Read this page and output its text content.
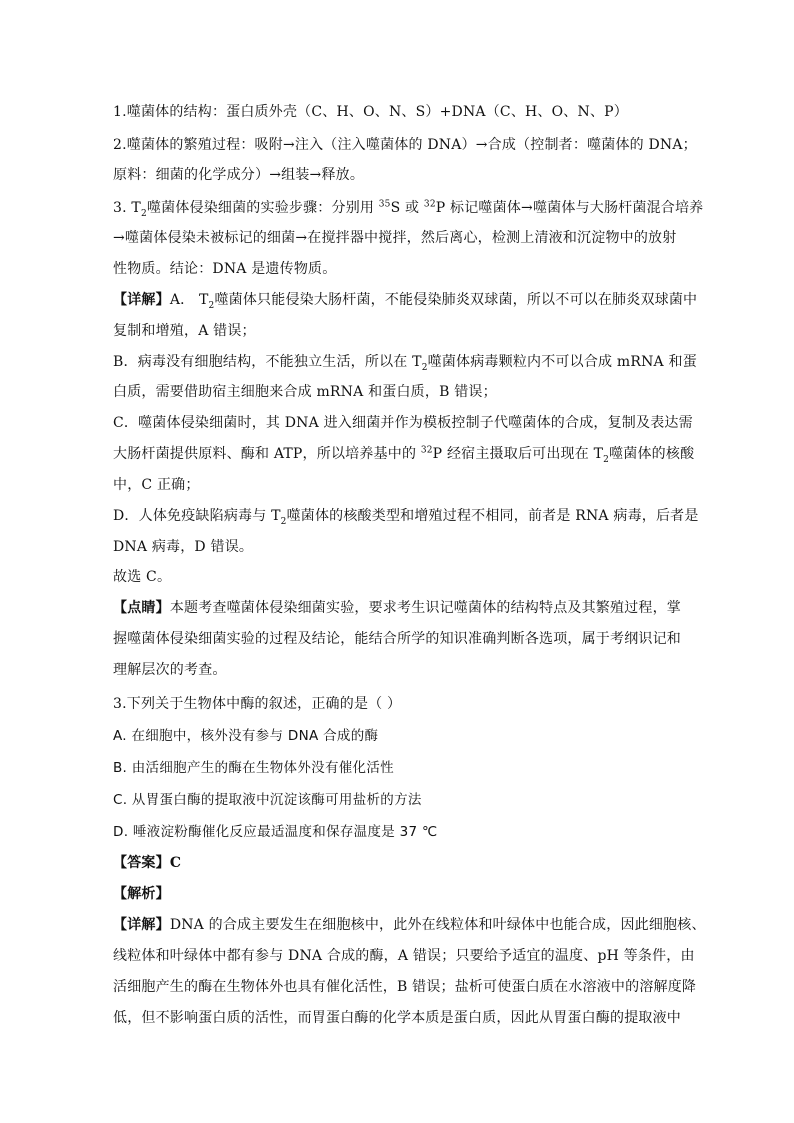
1.噬菌体的结构：蛋白质外壳（C、H、O、N、S）+DNA（C、H、O、N、P）
2.噬菌体的繁殖过程：吸附→注入（注入噬菌体的 DNA）→合成（控制者：噬菌体的 DNA；
原料：细菌的化学成分）→组装→释放。
3. $T_2$噬菌体侵染细菌的实验步骤：分别用 $^{35}$S 或 $^{32}$P 标记噬菌体→噬菌体与大肠杆菌混合培养
→噬菌体侵染未被标记的细菌→在搅拌器中搅拌，然后离心，检测上清液和沉淀物中的放射
性物质。结论：DNA 是遗传物质。
【详解】A． $T_2$噬菌体只能侵染大肠杆菌，不能侵染肺炎双球菌，所以不可以在肺炎双球菌中
复制和增殖，A 错误；
B．病毒没有细胞结构，不能独立生活，所以在 $T_2$噬菌体病毒颗粒内不可以合成 mRNA 和蛋
白质，需要借助宿主细胞来合成 mRNA 和蛋白质，B 错误；
C．噬菌体侵染细菌时，其 DNA 进入细菌并作为模板控制子代噬菌体的合成，复制及表达需
大肠杆菌提供原料、酶和 ATP，所以培养基中的 $^{32}$P 经宿主摄取后可出现在 $T_2$噬菌体的核酸
中，C 正确；
D．人体免疫缺陷病毒与 $T_2$噬菌体的核酸类型和增殖过程不相同，前者是 RNA 病毒，后者是
DNA 病毒，D 错误。
故选 C。
【点睛】本题考查噬菌体侵染细菌实验，要求考生识记噬菌体的结构特点及其繁殖过程，掌
握噬菌体侵染细菌实验的过程及结论，能结合所学的知识准确判断各选项，属于考纲识记和
理解层次的考查。
3.下列关于生物体中酶的叙述，正确的是（ ）
A. 在细胞中，核外没有参与 DNA 合成的酶
B. 由活细胞产生的酶在生物体外没有催化活性
C. 从胃蛋白酶的提取液中沉淀该酶可用盐析的方法
D. 唾液淀粉酶催化反应最适温度和保存温度是 37 ℃
【答案】C
【解析】
【详解】DNA 的合成主要发生在细胞核中，此外在线粒体和叶绿体中也能合成，因此细胞核、
线粒体和叶绿体中都有参与 DNA 合成的酶，A 错误；只要给予适宜的温度、pH 等条件，由
活细胞产生的酶在生物体外也具有催化活性，B 错误；盐析可使蛋白质在水溶液中的溶解度降
低，但不影响蛋白质的活性，而胃蛋白酶的化学本质是蛋白质，因此从胃蛋白酶的提取液中
